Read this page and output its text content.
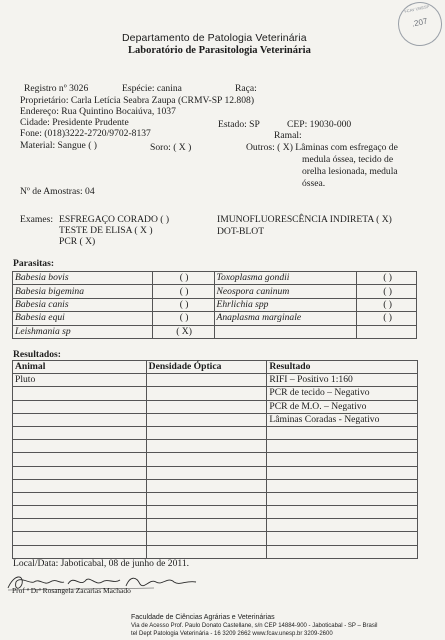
FCAV UNESP
.207
Departamento de Patologia Veterinária
Laboratório de Parasitologia Veterinária
Registro nº 3026	Espécie: canina	Raça:
Proprietário: Carla Letícia Seabra Zaupa (CRMV-SP 12.808)
Endereço: Rua Quintino Bocaiúva, 1037
Cidade: Presidente Prudente	Estado: SP	CEP: 19030-000
Fone: (018)3222-2720/9702-8137	Ramal:
Material: Sangue ( )	Soro: ( X )	Outros: ( X) Lâminas com esfregaço de
medula óssea, tecido de
orelha lesionada, medula
óssea.
Nº de Amostras: 04
Exames: ESFREGAÇO CORADO ( )
TESTE DE ELISA ( X )
PCR ( X)
IMUNOFLUORESCÊNCIA INDIRETA ( X)
DOT-BLOT
Parasitas:
Babesia bovis	( )	Toxoplasma gondii	( )
Babesia bigemina	( )	Neospora caninum	( )
Babesia canis	( )	Ehrlichia spp	( )
Babesia equi	( )	Anaplasma marginale	( )
Leishmania sp	( X)		
Resultados:
Animal	Densidade Óptica	Resultado
Pluto		RIFI – Positivo 1:160
		PCR de tecido – Negativo
		PCR de M.O. – Negativo
		Lâminas Coradas - Negativo

Local/Data: Jaboticabal, 08 de junho de 2011.
Prof ª Drª Rosangela Zacarias Machado
Faculdade de Ciências Agrárias e Veterinárias
Via de Acesso Prof. Paulo Donato Castellane, s/n CEP 14884-900 - Jaboticabal - SP – Brasil
tel Dept Patologia Veterinária - 16 3209 2662 www.fcav.unesp.br 3209-2600
